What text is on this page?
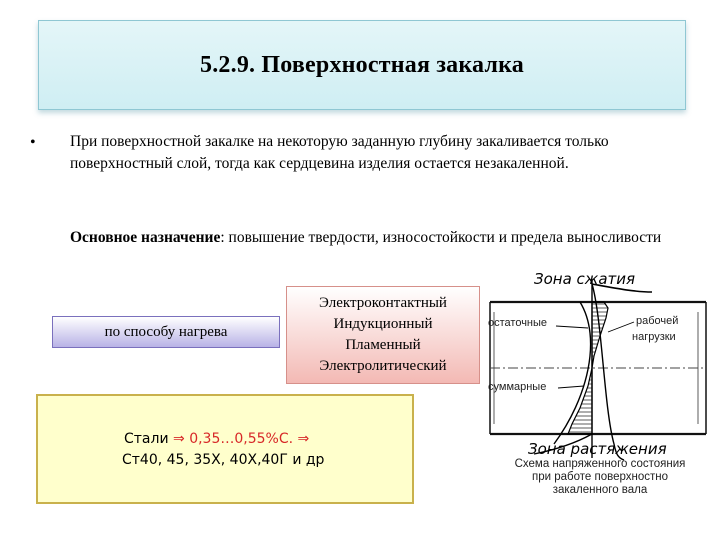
5.2.9. Поверхностная закалка
• При поверхностной закалке на некоторую заданную глубину закаливается только поверхностный слой, тогда как сердцевина изделия остается незакаленной.
Основное назначение: повышение твердости, износостойкости и предела выносливости
по способу нагрева
Электроконтактный
Индукционный
Пламенный
Электролитический
Стали ⇒ 0,35…0,55%С. ⇒
Ст40, 45, 35Х, 40Х,40Г и др
Зона сжатия
остаточные	рабочей
нагрузки
суммарные
Зона растяжения
Схема напряженного состояния
при работе поверхностно
закаленного вала
